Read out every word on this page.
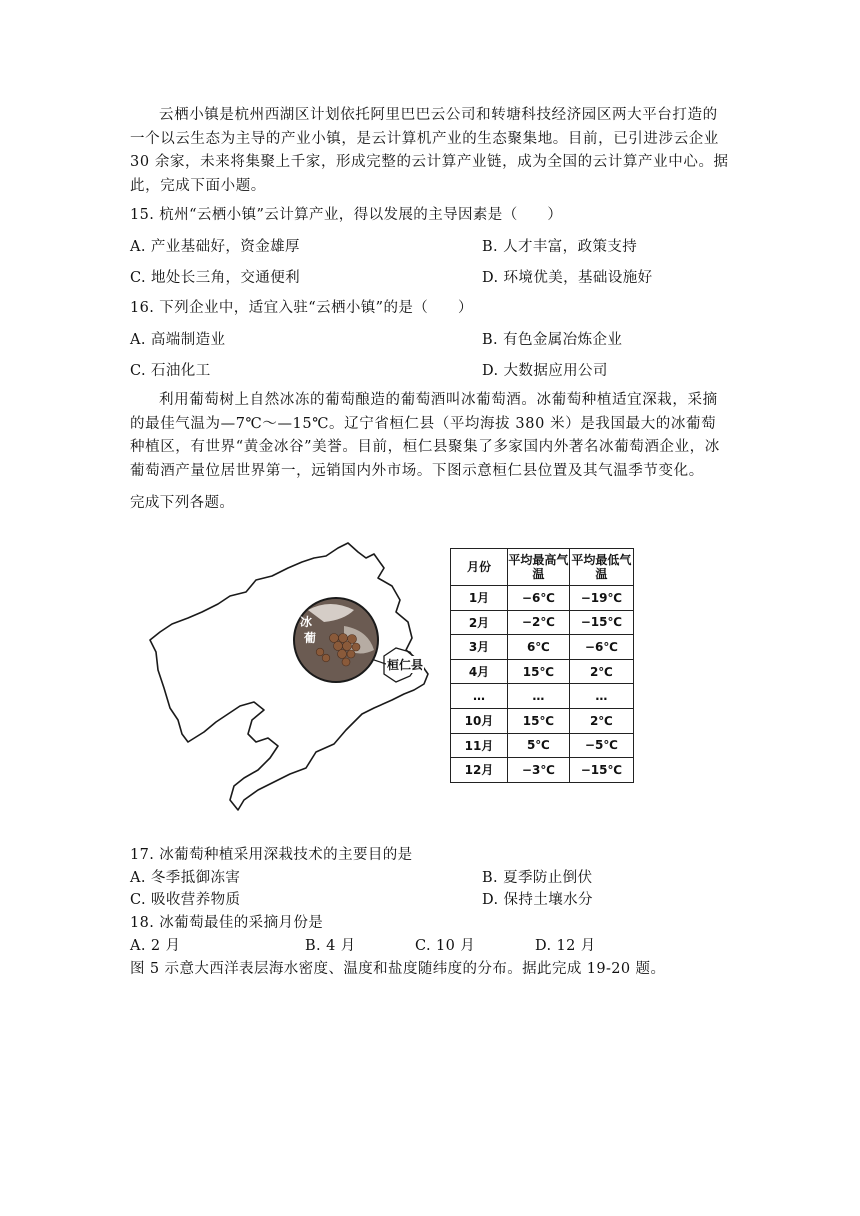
云栖小镇是杭州西湖区计划依托阿里巴巴云公司和转塘科技经济园区两大平台打造的一个以云生态为主导的产业小镇，是云计算机产业的生态聚集地。目前，已引进涉云企业 30 余家，未来将集聚上千家，形成完整的云计算产业链，成为全国的云计算产业中心。据此，完成下面小题。
15. 杭州“云栖小镇”云计算产业，得以发展的主导因素是（　　）
A. 产业基础好，资金雄厚	B. 人才丰富，政策支持
C. 地处长三角，交通便利	D. 环境优美，基础设施好
16. 下列企业中，适宜入驻“云栖小镇”的是（　　）
A. 高端制造业	B. 有色金属冶炼企业
C. 石油化工	D. 大数据应用公司
利用葡萄树上自然冰冻的葡萄酿造的葡萄酒叫冰葡萄酒。冰葡萄种植适宜深栽，采摘的最佳气温为—7℃～—15℃。辽宁省桓仁县（平均海拔 380 米）是我国最大的冰葡萄种植区，有世界“黄金冰谷”美誉。目前，桓仁县聚集了多家国内外著名冰葡萄酒企业，冰葡萄酒产量位居世界第一，远销国内外市场。下图示意桓仁县位置及其气温季节变化。
完成下列各题。
冰
葡
桓仁县
月份	平均最高气温	平均最低气温
1月	−6℃	−19℃
2月	−2℃	−15℃
3月	6℃	−6℃
4月	15℃	2℃
…	…	…
10月	15℃	2℃
11月	5℃	−5℃
12月	−3℃	−15℃
17. 冰葡萄种植采用深栽技术的主要目的是
A. 冬季抵御冻害	B. 夏季防止倒伏
C. 吸收营养物质	D. 保持土壤水分
18. 冰葡萄最佳的采摘月份是
A. 2 月	B. 4 月	C. 10 月	D. 12 月
图 5 示意大西洋表层海水密度、温度和盐度随纬度的分布。据此完成 19-20 题。
